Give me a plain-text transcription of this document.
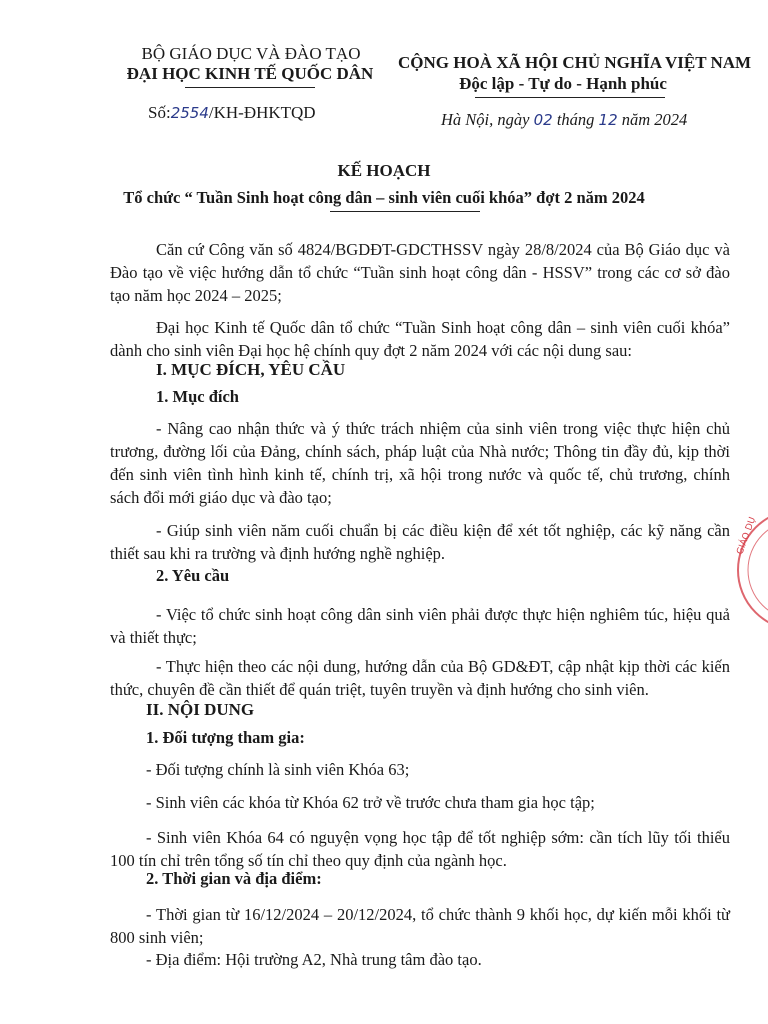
BỘ GIÁO DỤC VÀ ĐÀO TẠO
ĐẠI HỌC KINH TẾ QUỐC DÂN
Số:2554/KH-ĐHKTQD
CỘNG HOÀ XÃ HỘI CHỦ NGHĨA VIỆT NAM
Độc lập - Tự do - Hạnh phúc
Hà Nội, ngày 02 tháng 12 năm 2024
KẾ HOẠCH
Tổ chức “ Tuần Sinh hoạt công dân – sinh viên cuối khóa” đợt 2 năm 2024
Căn cứ Công văn số 4824/BGDĐT-GDCTHSSV ngày 28/8/2024 của Bộ Giáo dục và Đào tạo về việc hướng dẫn tổ chức “Tuần sinh hoạt công dân - HSSV” trong các cơ sở đào tạo năm học 2024 – 2025;
Đại học Kinh tế Quốc dân tổ chức “Tuần Sinh hoạt công dân – sinh viên cuối khóa” dành cho sinh viên Đại học hệ chính quy đợt 2 năm 2024 với các nội dung sau:
I. MỤC ĐÍCH, YÊU CẦU
1. Mục đích
- Nâng cao nhận thức và ý thức trách nhiệm của sinh viên trong việc thực hiện chủ trương, đường lối của Đảng, chính sách, pháp luật của Nhà nước; Thông tin đầy đủ, kịp thời đến sinh viên tình hình kinh tế, chính trị, xã hội trong nước và quốc tế, chủ trương, chính sách đổi mới giáo dục và đào tạo;
- Giúp sinh viên năm cuối chuẩn bị các điều kiện để xét tốt nghiệp, các kỹ năng cần thiết sau khi ra trường và định hướng nghề nghiệp.
2. Yêu cầu
- Việc tổ chức sinh hoạt công dân sinh viên phải được thực hiện nghiêm túc, hiệu quả và thiết thực;
- Thực hiện theo các nội dung, hướng dẫn của Bộ GD&ĐT, cập nhật kịp thời các kiến thức, chuyên đề cần thiết để quán triệt, tuyên truyền và định hướng cho sinh viên.
II. NỘI DUNG
1. Đối tượng tham gia:
- Đối tượng chính là sinh viên Khóa 63;
- Sinh viên các khóa từ Khóa 62 trở về trước chưa tham gia học tập;
- Sinh viên Khóa 64 có nguyện vọng học tập để tốt nghiệp sớm: cần tích lũy tối thiểu 100 tín chỉ trên tổng số tín chỉ theo quy định của ngành học.
2. Thời gian và địa điểm:
- Thời gian từ 16/12/2024 – 20/12/2024, tổ chức thành 9 khối học, dự kiến mỗi khối từ 800 sinh viên;
- Địa điểm: Hội trường A2, Nhà trung tâm đào tạo.
GIÁO DỤ
